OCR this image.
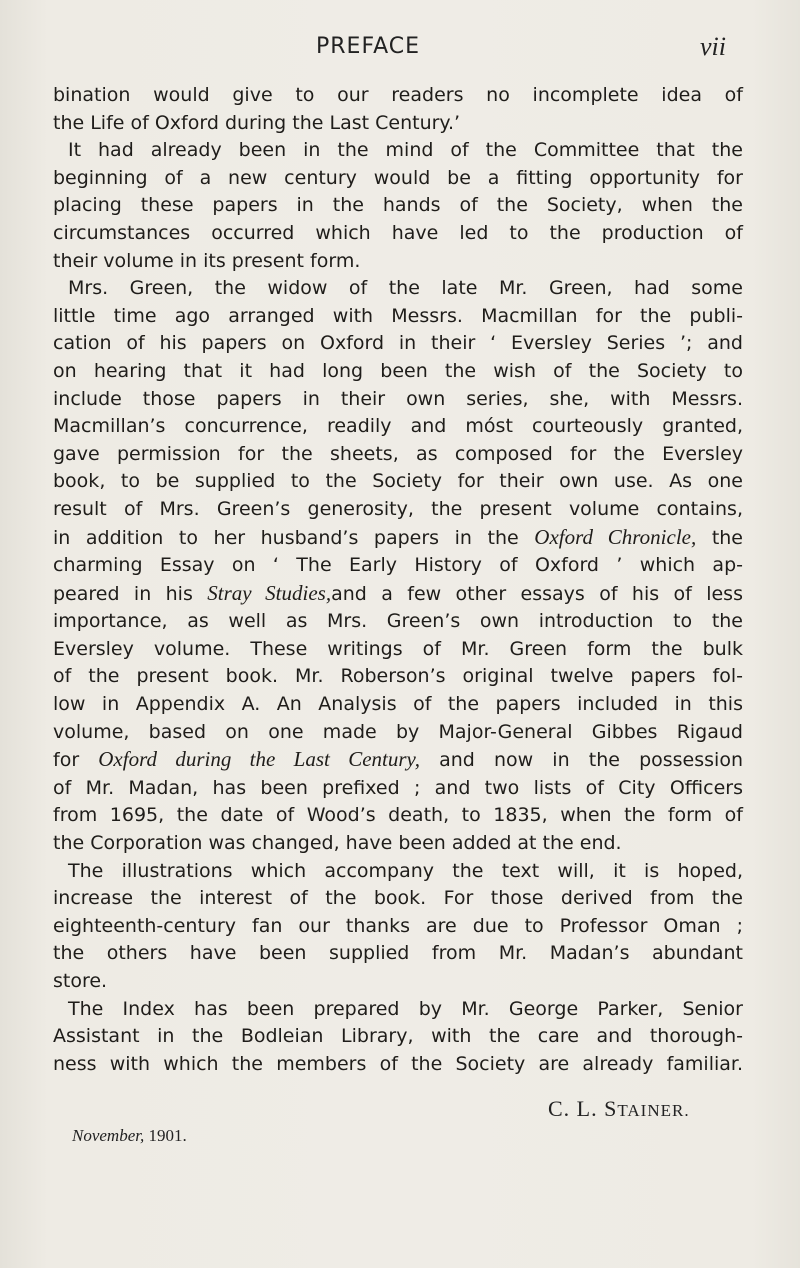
PREFACE	vii

bination would give to our readers no incomplete idea of

the Life of Oxford during the Last Century.’

It had already been in the mind of the Committee that the

beginning of a new century would be a fitting opportunity for

placing these papers in the hands of the Society, when the

circumstances occurred which have led to the production of

their volume in its present form.

Mrs. Green, the widow of the late Mr. Green, had some

little time ago arranged with Messrs. Macmillan for the publi-

cation of his papers on Oxford in their ‘ Eversley Series ’; and

on hearing that it had long been the wish of the Society to

include those papers in their own series, she, with Messrs.

Macmillan’s concurrence, readily and móst courteously granted,

gave permission for the sheets, as composed for the Eversley

book, to be supplied to the Society for their own use. As one

result of Mrs. Green’s generosity, the present volume contains,

in addition to her husband’s papers in the Oxford Chronicle, the

charming Essay on ‘ The Early History of Oxford ’ which ap-

peared in his Stray Studies,and a few other essays of his of less

importance, as well as Mrs. Green’s own introduction to the

Eversley volume. These writings of Mr. Green form the bulk

of the present book. Mr. Roberson’s original twelve papers fol-

low in Appendix A. An Analysis of the papers included in this

volume, based on one made by Major-General Gibbes Rigaud

for Oxford during the Last Century, and now in the possession

of Mr. Madan, has been prefixed ; and two lists of City Officers

from 1695, the date of Wood’s death, to 1835, when the form of

the Corporation was changed, have been added at the end.

The illustrations which accompany the text will, it is hoped,

increase the interest of the book. For those derived from the

eighteenth-century fan our thanks are due to Professor Oman ;

the others have been supplied from Mr. Madan’s abundant

store.

The Index has been prepared by Mr. George Parker, Senior

Assistant in the Bodleian Library, with the care and thorough-

ness with which the members of the Society are already familiar.

C. L. STAINER.
November, 1901.
